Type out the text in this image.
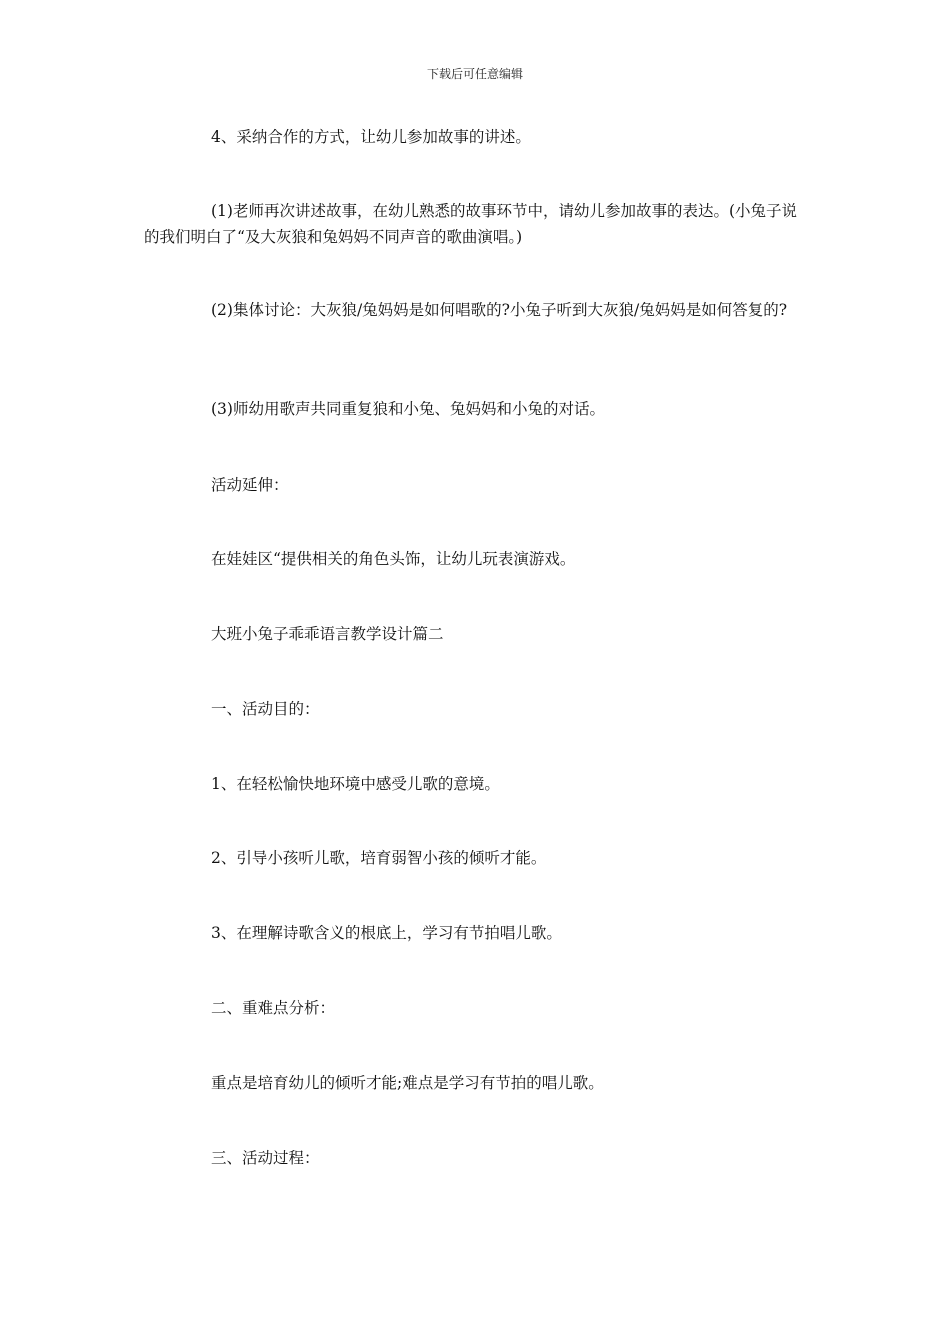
下载后可任意编辑

4、采纳合作的方式，让幼儿参加故事的讲述。

(1)老师再次讲述故事，在幼儿熟悉的故事环节中，请幼儿参加故事的表达。(小兔子说的我们明白了“及大灰狼和兔妈妈不同声音的歌曲演唱。)

(2)集体讨论：大灰狼/兔妈妈是如何唱歌的?小兔子听到大灰狼/兔妈妈是如何答复的?

(3)师幼用歌声共同重复狼和小兔、兔妈妈和小兔的对话。

活动延伸：

在娃娃区“提供相关的角色头饰，让幼儿玩表演游戏。

大班小兔子乖乖语言教学设计篇二

一、活动目的：

1、在轻松愉快地环境中感受儿歌的意境。

2、引导小孩听儿歌，培育弱智小孩的倾听才能。

3、在理解诗歌含义的根底上，学习有节拍唱儿歌。

二、重难点分析：

重点是培育幼儿的倾听才能;难点是学习有节拍的唱儿歌。

三、活动过程：
